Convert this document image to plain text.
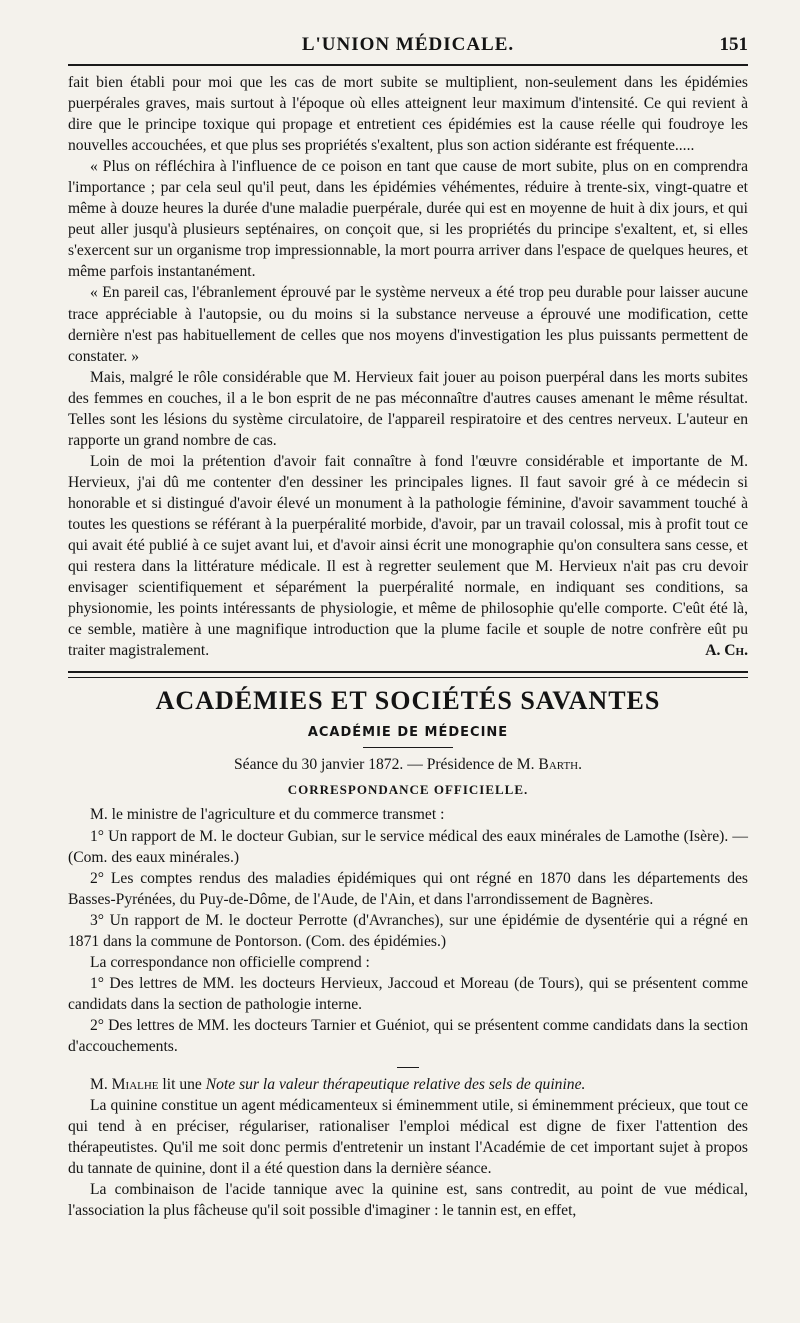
L'UNION MÉDICALE.	151

fait bien établi pour moi que les cas de mort subite se multiplient, non-seulement dans les épidémies puerpérales graves, mais surtout à l'époque où elles atteignent leur maximum d'intensité. Ce qui revient à dire que le principe toxique qui propage et entretient ces épidémies est la cause réelle qui foudroye les nouvelles accouchées, et que plus ses propriétés s'exaltent, plus son action sidérante est fréquente.....

« Plus on réfléchira à l'influence de ce poison en tant que cause de mort subite, plus on en comprendra l'importance ; par cela seul qu'il peut, dans les épidémies véhémentes, réduire à trente-six, vingt-quatre et même à douze heures la durée d'une maladie puerpérale, durée qui est en moyenne de huit à dix jours, et qui peut aller jusqu'à plusieurs septénaires, on conçoit que, si les propriétés du principe s'exaltent, et, si elles s'exercent sur un organisme trop impressionnable, la mort pourra arriver dans l'espace de quelques heures, et même parfois instantanément.

« En pareil cas, l'ébranlement éprouvé par le système nerveux a été trop peu durable pour laisser aucune trace appréciable à l'autopsie, ou du moins si la substance nerveuse a éprouvé une modification, cette dernière n'est pas habituellement de celles que nos moyens d'investigation les plus puissants permettent de constater. »

Mais, malgré le rôle considérable que M. Hervieux fait jouer au poison puerpéral dans les morts subites des femmes en couches, il a le bon esprit de ne pas méconnaître d'autres causes amenant le même résultat. Telles sont les lésions du système circulatoire, de l'appareil respiratoire et des centres nerveux. L'auteur en rapporte un grand nombre de cas.

Loin de moi la prétention d'avoir fait connaître à fond l'œuvre considérable et importante de M. Hervieux, j'ai dû me contenter d'en dessiner les principales lignes. Il faut savoir gré à ce médecin si honorable et si distingué d'avoir élevé un monument à la pathologie féminine, d'avoir savamment touché à toutes les questions se référant à la puerpéralité morbide, d'avoir, par un travail colossal, mis à profit tout ce qui avait été publié à ce sujet avant lui, et d'avoir ainsi écrit une monographie qu'on consultera sans cesse, et qui restera dans la littérature médicale. Il est à regretter seulement que M. Hervieux n'ait pas cru devoir envisager scientifiquement et séparément la puerpéralité normale, en indiquant ses conditions, sa physionomie, les points intéressants de physiologie, et même de philosophie qu'elle comporte. C'eût été là, ce semble, matière à une magnifique introduction que la plume facile et souple de notre confrère eût pu traiter magistralement.	A. Ch.

ACADÉMIES ET SOCIÉTÉS SAVANTES

ACADÉMIE DE MÉDECINE

Séance du 30 janvier 1872. — Présidence de M. Barth.

CORRESPONDANCE OFFICIELLE.

M. le ministre de l'agriculture et du commerce transmet :

1° Un rapport de M. le docteur Gubian, sur le service médical des eaux minérales de Lamothe (Isère). — (Com. des eaux minérales.)

2° Les comptes rendus des maladies épidémiques qui ont régné en 1870 dans les départements des Basses-Pyrénées, du Puy-de-Dôme, de l'Aude, de l'Ain, et dans l'arrondissement de Bagnères.

3° Un rapport de M. le docteur Perrotte (d'Avranches), sur une épidémie de dysentérie qui a régné en 1871 dans la commune de Pontorson. (Com. des épidémies.)

La correspondance non officielle comprend :

1° Des lettres de MM. les docteurs Hervieux, Jaccoud et Moreau (de Tours), qui se présentent comme candidats dans la section de pathologie interne.

2° Des lettres de MM. les docteurs Tarnier et Guéniot, qui se présentent comme candidats dans la section d'accouchements.

M. Mialhe lit une Note sur la valeur thérapeutique relative des sels de quinine.

La quinine constitue un agent médicamenteux si éminemment utile, si éminemment précieux, que tout ce qui tend à en préciser, régulariser, rationaliser l'emploi médical est digne de fixer l'attention des thérapeutistes. Qu'il me soit donc permis d'entretenir un instant l'Académie de cet important sujet à propos du tannate de quinine, dont il a été question dans la dernière séance.

La combinaison de l'acide tannique avec la quinine est, sans contredit, au point de vue médical, l'association la plus fâcheuse qu'il soit possible d'imaginer : le tannin est, en effet,
